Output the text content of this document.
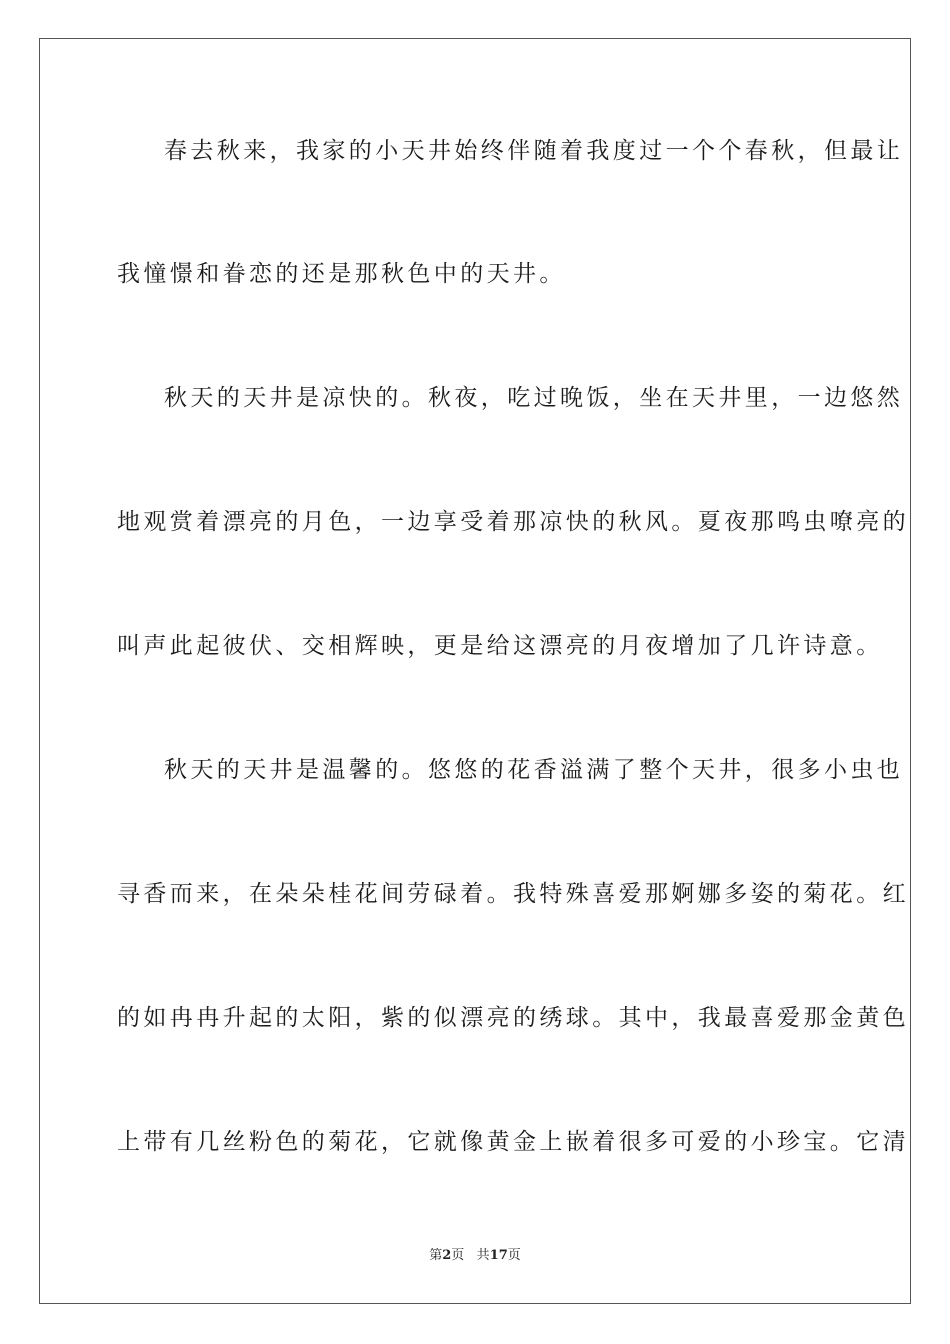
春去秋来，我家的小天井始终伴随着我度过一个个春秋，但最让
我憧憬和眷恋的还是那秋色中的天井。
秋天的天井是凉快的。秋夜，吃过晚饭，坐在天井里，一边悠然
地观赏着漂亮的月色，一边享受着那凉快的秋风。夏夜那鸣虫嘹亮的
叫声此起彼伏、交相辉映，更是给这漂亮的月夜增加了几许诗意。
秋天的天井是温馨的。悠悠的花香溢满了整个天井，很多小虫也
寻香而来，在朵朵桂花间劳碌着。我特殊喜爱那婀娜多姿的菊花。红
的如冉冉升起的太阳，紫的似漂亮的绣球。其中，我最喜爱那金黄色
上带有几丝粉色的菊花，它就像黄金上嵌着很多可爱的小珍宝。它清
第2页 共17页
